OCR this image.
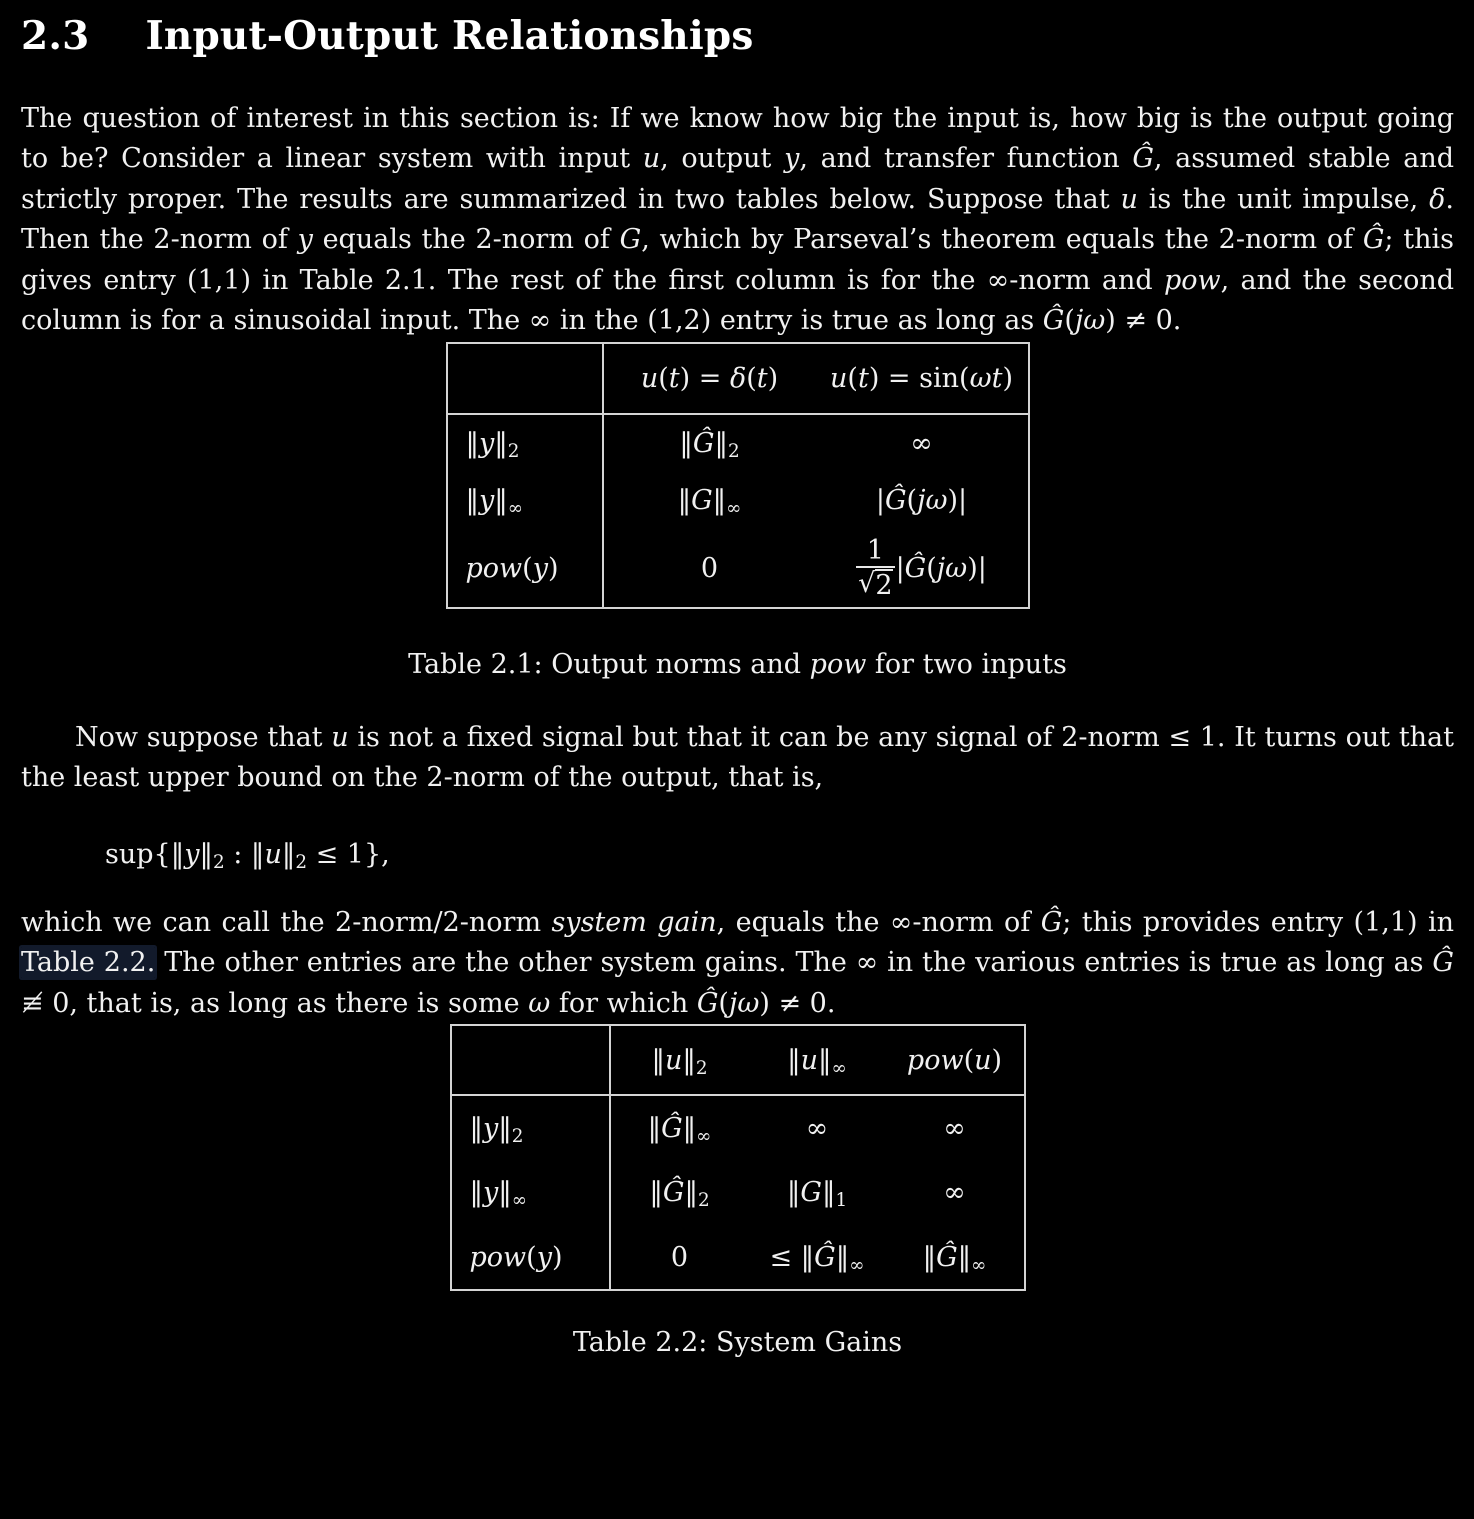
2.3 Input-Output Relationships

The question of interest in this section is: If we know how big the input is, how big is the output going to be? Consider a linear system with input u, output y, and transfer function Ĝ, assumed stable and strictly proper. The results are summarized in two tables below. Suppose that u is the unit impulse, δ. Then the 2-norm of y equals the 2-norm of G, which by Parseval’s theorem equals the 2-norm of Ĝ; this gives entry (1,1) in Table 2.1. The rest of the first column is for the ∞-norm and pow, and the second column is for a sinusoidal input. The ∞ in the (1,2) entry is true as long as Ĝ(jω) ≠ 0.

	u(t) = δ(t)	u(t) = sin(ωt)
$‖y‖_2$	$‖Ĝ‖_2$	∞
$‖y‖_\infty$	$‖G‖_\infty$	|Ĝ(jω)|
pow(y)	0	$\frac{1}{√ 2}$ |Ĝ(jω)|
Table 2.1: Output norms and pow for two inputs

Now suppose that u is not a fixed signal but that it can be any signal of 2-norm ≤ 1. It turns out that the least upper bound on the 2-norm of the output, that is,

$sup\{‖y‖_2$ : $‖u‖_2 \le 1$},

which we can call the 2-norm/2-norm system gain, equals the ∞-norm of Ĝ; this provides entry (1,1) in Table 2.2. The other entries are the other system gains. The ∞ in the various entries is true as long as Ĝ ≢ 0, that is, as long as there is some ω for which Ĝ(jω) ≠ 0.

	$‖u‖_2$	$‖u‖_\infty$	pow(u)
$‖y‖_2$	$‖Ĝ‖_\infty$	∞	∞
$‖y‖_\infty$	$‖Ĝ‖_2$	$‖G‖_1$	∞
pow(y)	0	≤ $‖Ĝ‖_\infty$	$‖Ĝ‖_\infty$
Table 2.2: System Gains
